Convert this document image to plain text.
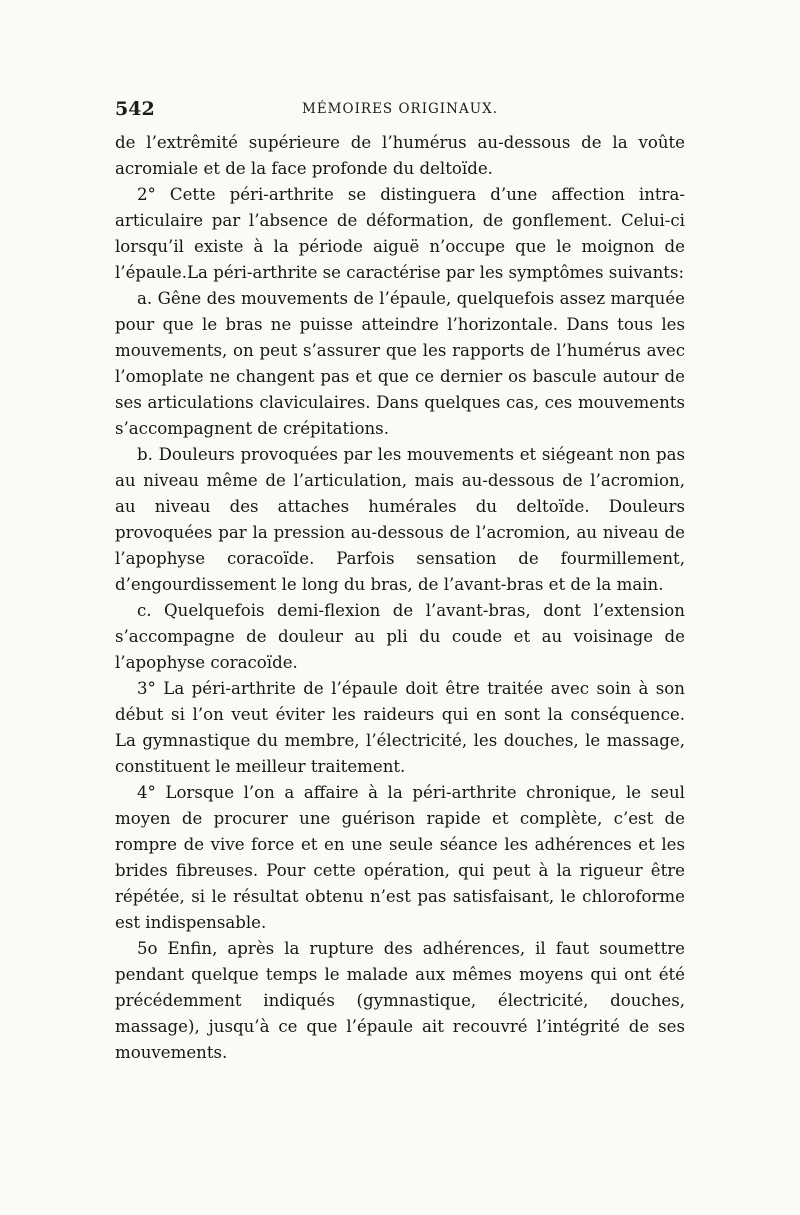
542	MÉMOIRES ORIGINAUX.

de l’extrêmité supérieure de l’humérus au-dessous de la voûte acromiale et de la face profonde du deltoïde.

2° Cette péri-arthrite se distinguera d’une affection intra-articulaire par l’absence de déformation, de gonflement. Celui-ci lorsqu’il existe à la période aiguë n’occupe que le moignon de l’épaule.La péri-arthrite se caractérise par les symptômes suivants:

a. Gêne des mouvements de l’épaule, quelquefois assez marquée pour que le bras ne puisse atteindre l’horizontale. Dans tous les mouvements, on peut s’assurer que les rapports de l’humérus avec l’omoplate ne changent pas et que ce dernier os bascule autour de ses articulations claviculaires. Dans quelques cas, ces mouvements s’accompagnent de crépitations.

b. Douleurs provoquées par les mouvements et siégeant non pas au niveau même de l’articulation, mais au-dessous de l’acromion, au niveau des attaches humérales du deltoïde. Douleurs provoquées par la pression au-dessous de l’acromion, au niveau de l’apophyse coracoïde. Parfois sensation de fourmillement, d’engourdissement le long du bras, de l’avant-bras et de la main.

c. Quelquefois demi-flexion de l’avant-bras, dont l’extension s’accompagne de douleur au pli du coude et au voisinage de l’apophyse coracoïde.

3° La péri-arthrite de l’épaule doit être traitée avec soin à son début si l’on veut éviter les raideurs qui en sont la conséquence. La gymnastique du membre, l’électricité, les douches, le massage, constituent le meilleur traitement.

4° Lorsque l’on a affaire à la péri-arthrite chronique, le seul moyen de procurer une guérison rapide et complète, c’est de rompre de vive force et en une seule séance les adhérences et les brides fibreuses. Pour cette opération, qui peut à la rigueur être répétée, si le résultat obtenu n’est pas satisfaisant, le chloroforme est indispensable.

5o Enfin, après la rupture des adhérences, il faut soumettre pendant quelque temps le malade aux mêmes moyens qui ont été précédemment indiqués (gymnastique, électricité, douches, massage), jusqu’à ce que l’épaule ait recouvré l’intégrité de ses mouvements.
